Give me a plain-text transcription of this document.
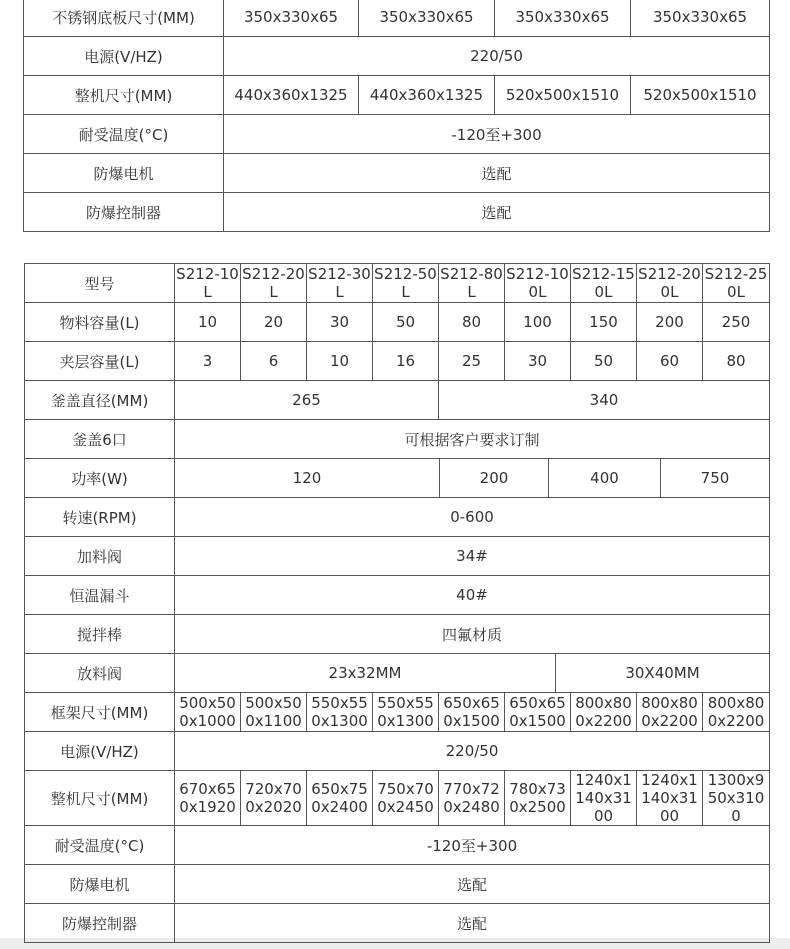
不锈钢底板尺寸(MM)	350x330x65	350x330x65	350x330x65	350x330x65
电源(V/HZ)	220/50			
整机尺寸(MM)	440x360x1325	440x360x1325	520x500x1510	520x500x1510
耐受温度(°C)	-120至+300			
防爆电机	选配			
防爆控制器	选配			
型号	S212-10L	S212-20L	S212-30L	S212-50L	S212-80L	S212-100L	S212-150L	S212-200L	S212-250L
物料容量(L)	10	20	30	50	80	100	150	200	250
夹层容量(L)	3	6	10	16	25	30	50	60	80
釜盖直径(MM)	265				340				
釜盖6口	可根据客户要求订制								
功率(W)	120 200 400 750								

转速(RPM)	0-600								
加料阀	34#								
恒温漏斗	40#								
搅拌棒	四氟材质								
放料阀	23x32MM 30X40MM								

框架尺寸(MM)	500x500x1000	500x500x1100	550x550x1300	550x550x1300	650x650x1500	650x650x1500	800x800x2200	800x800x2200	800x800x2200
电源(V/HZ)	220/50								
整机尺寸(MM)	670x650x1920	720x700x2020	650x750x2400	750x700x2450	770x720x2480	780x730x2500	1240x1140x3100	1240x1140x3100	1300x950x3100
耐受温度(°C)	-120至+300								
防爆电机	选配								
防爆控制器	选配								
